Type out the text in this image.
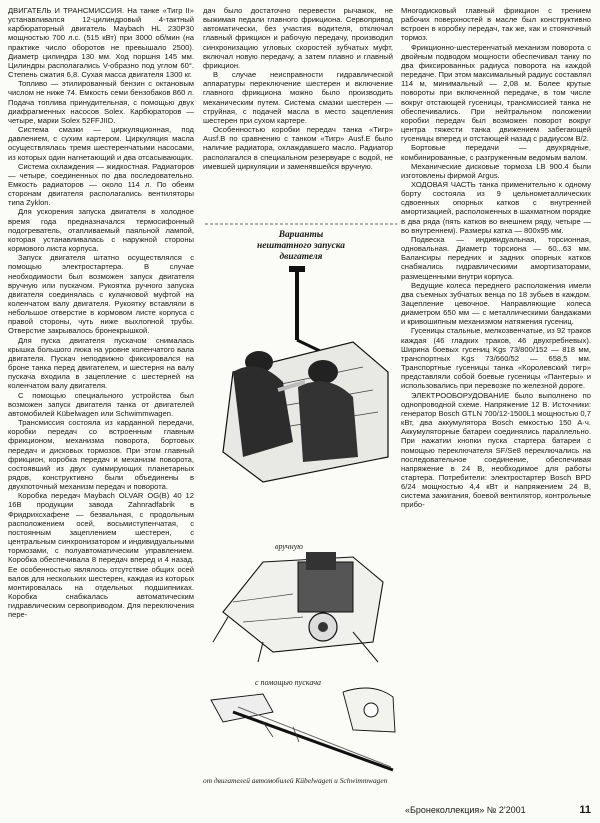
ДВИГАТЕЛЬ И ТРАНСМИССИЯ. На танке «Тигр II» устанавливался 12-цилиндровый 4-тактный карбюраторный двигатель Maybach HL 230P30 мощностью 700 л.с. (515 кВт) при 3000 об/мин (на практике число оборотов не превышало 2500). Диаметр цилиндра 130 мм. Ход поршня 145 мм. Цилиндры располагались V-образно под углом 60°. Степень сжатия 6,8. Сухая масса двигателя 1300 кг.

Топливо — этилированный бензин с октановым числом не ниже 74. Емкость семи бензобаков 860 л. Подача топлива принудительная, с помощью двух диафрагменных насосов Solex. Карбюраторов — четыре, марки Solex 52FFJIID.

Система смазки — циркуляционная, под давлением, с сухим картером. Циркуляция масла осуществлялась тремя шестеренчатыми насосами, из которых один нагнетающий и два отсасывающих.

Система охлаждения — жидкостная. Радиаторов — четыре, соединенных по два последовательно. Емкость радиаторов — около 114 л. По обеим сторонам двигателя располагались вентиляторы типа Zyklon.

Для ускорения запуска двигателя в холодное время года предназначался термосифонный подогреватель, отапливаемый паяльной лампой, которая устанавливалась с наружной стороны кормового листа корпуса.

Запуск двигателя штатно осуществлялся с помощью электростартера. В случае необходимости был возможен запуск двигателя вручную или пускачом. Рукоятка ручного запуска двигателя соединялась с кулачковой муфтой на коленчатом валу двигателя. Рукоятку вставляли в небольшое отверстие в кормовом листе корпуса с правой стороны, чуть ниже выхлопной трубы. Отверстие закрывалось бронекрышкой.

Для пуска двигателя пускачом снималась крышка большого люка на уровне коленчатого вала двигателя. Пускач неподвижно фиксировался на броне танка перед двигателем, и шестерня на валу пускача входила в зацепление с шестерней на коленчатом валу двигателя.

С помощью специального устройства был возможен запуск двигателя танка от двигателей автомобилей Kübelwagen или Schwimmwagen.

Трансмиссия состояла из карданной передачи, коробки передач со встроенным главным фрикционом, механизма поворота, бортовых передач и дисковых тормозов. При этом главный фрикцион, коробка передач и механизм поворота, состоявший из двух суммирующих планетарных рядов, конструктивно были объединены в двухпоточный механизм передач и поворота.

Коробка передач Maybach OLVAR OG(B) 40 12 16B продукции завода Zahnradfabrik в Фридрихсхафене — безвальная, с продольным расположением осей, восьмиступенчатая, с постоянным зацеплением шестерен, с центральным синхронизатором и индивидуальными тормозами, с полуавтоматическим управлением. Коробка обеспечивала 8 передач вперед и 4 назад. Ее особенностью являлось отсутствие общих осей валов для нескольких шестерен, каждая из которых монтировалась на отдельных подшипниках. Коробка снабжалась автоматическим гидравлическим сервоприводом. Для переключения пере-

дач было достаточно перевести рычажок, не выжимая педали главного фрикциона. Сервопривод автоматически, без участия водителя, отключал главный фрикцион и рабочую передачу, производил синхронизацию угловых скоростей зубчатых муфт, включал новую передачу, а затем плавно и главный фрикцион.

В случае неисправности гидравлической аппаратуры переключение шестерен и включение главного фрикциона можно было производить механическим путем. Система смазки шестерен — струйная, с подачей масла в место зацепления шестерен при сухом картере.

Особенностью коробки передач танка «Тигр» Ausf.B по сравнению с танком «Тигр» Ausf.E было наличие радиатора, охлаждавшего масло. Радиатор располагался в специальном резервуаре с водой, не имевшей циркуляции и заменявшейся вручную.

Варианты
нештатного запуска
двигателя
вручную
с помощью пускача
от двигателей автомобилей Kübelwagen и Schwimmwagen

Многодисковый главный фрикцион с трением рабочих поверхностей в масле был конструктивно встроен в коробку передач, так же, как и стояночный тормоз.

Фрикционно-шестеренчатый механизм поворота с двойным подводом мощности обеспечивал танку по два фиксированных радиуса поворота на каждой передаче. При этом максимальный радиус составлял 114 м, минимальный — 2,08 м. Более крутые повороты при включенной передаче, в том числе вокруг отстающей гусеницы, трансмиссией танка не обеспечивались. При нейтральном положении коробки передач был возможен поворот вокруг центра тяжести танка движением забегающей гусеницы вперед и отстающей назад с радиусом В/2.

Бортовые передачи — двухрядные, комбинированные, с разгруженным ведомым валом.

Механические дисковые тормоза LB 900.4 были изготовлены фирмой Argus.

ХОДОВАЯ ЧАСТЬ танка применительно к одному борту состояла из 9 цельнометаллических сдвоенных опорных катков с внутренней амортизацией, расположенных в шахматном порядке в два ряда (пять катков во внешнем ряду, четыре — во внутреннем). Размеры катка — 800х95 мм.

Подвеска — индивидуальная, торсионная, одновальная. Диаметр торсиона — 60...63 мм. Балансиры передних и задних опорных катков снабжались гидравлическими амортизаторами, размещенными внутри корпуса.

Ведущие колеса переднего расположения имели два съемных зубчатых венца по 18 зубьев в каждом. Зацепление цевочное. Направляющие колеса диаметром 650 мм — с металлическими бандажами и кривошипным механизмом натяжения гусениц.

Гусеницы стальные, мелкозвенчатые, из 92 траков каждая (46 гладких траков, 46 двухгребневых). Ширина боевых гусениц Kgs 73/800/152 — 818 мм, транспортных Kgs 73/660/52 — 658,5 мм. Транспортные гусеницы танка «Королевский тигр» представляли собой боевые гусеницы «Пантеры» и использовались при перевозке по железной дороге.

ЭЛЕКТРООБОРУДОВАНИЕ было выполнено по однопроводной схеме. Напряжение 12 В. Источники: генератор Bosch GTLN 700/12-1500L1 мощностью 0,7 кВт, два аккумулятора Bosch емкостью 150 А·ч. Аккумуляторные батареи соединялись параллельно. При нажатии кнопки пуска стартера батареи с помощью переключателя SF/Se8 переключались на последовательное соединение, обеспечивая напряжение в 24 В, необходимое для работы стартера. Потребители: электростартер Bosch BPD 6/24 мощностью 4,4 кВт и напряжением 24 В, система зажигания, боевой вентилятор, контрольные прибо-

«Бронеколлекция» № 2'2001	11
